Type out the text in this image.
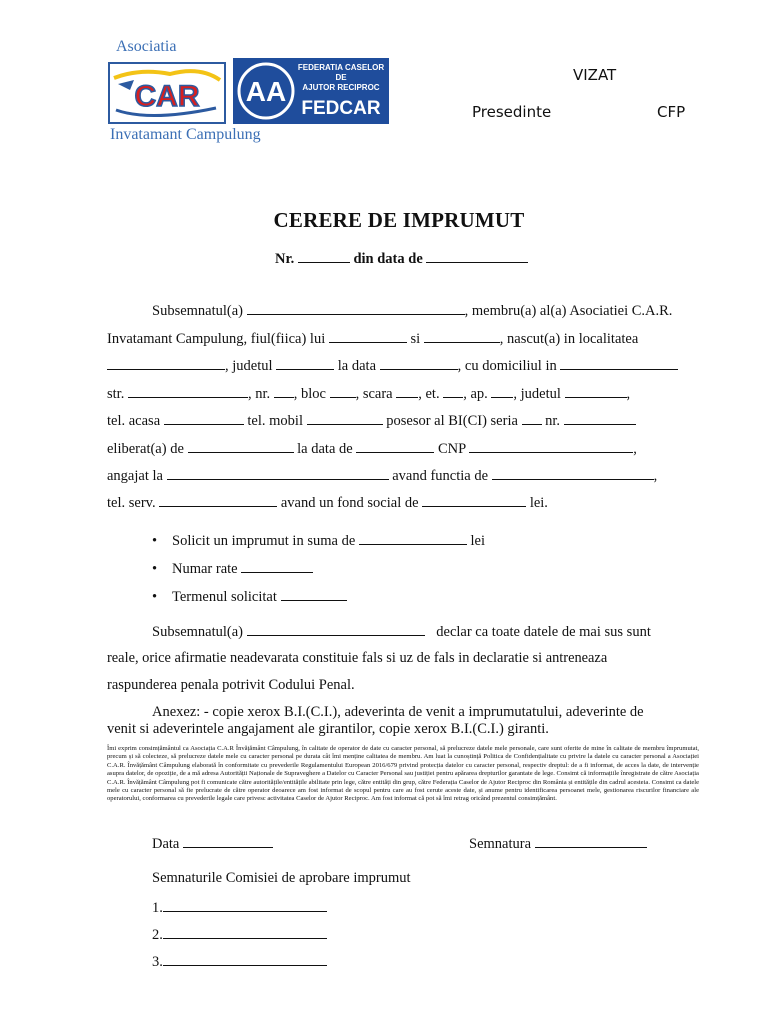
Asociatia
CAR AA
FEDERATIA CASELOR
DE
AJUTOR RECIPROC
FEDCAR
Invatamant Campulung
VIZAT
Presedinte	CFP
CERERE DE IMPRUMUT
Nr.	din data de
Subsemnatul(a)	, membru(a) al(a) Asociatiei C.A.R.
Invatamant Campulung, fiul(fiica) lui	si	, nascut(a) in localitatea
, judetul	la data	, cu domiciliul in
str.	, nr. , bloc , scara , et. , ap. , judetul	,
tel. acasa	tel. mobil	posesor al BI(CI) seria nr.
eliberat(a) de	la data de	CNP	,
angajat la	avand functia de	,
tel. serv.	avand un fond social de	lei.
• Solicit un imprumut in suma de	lei
• Numar rate
• Termenul solicitat
Subsemnatul(a)	declar ca toate datele de mai sus sunt
reale, orice afirmatie neadevarata constituie fals si uz de fals in declaratie si antreneaza
raspunderea penala potrivit Codului Penal.
Anexez: - copie xerox B.I.(C.I.), adeverinta de venit a imprumutatului, adeverinte de
venit si adeverintele angajament ale girantilor, copie xerox B.I.(C.I.) giranti.
Îmi exprim consimțământul ca Asociația C.A.R Învățământ Câmpulung, în calitate de operator de date cu caracter personal, să prelucreze datele mele personale, care sunt oferite de mine în calitate de membru împrumutat, precum și să colecteze, să prelucreze datele mele cu caracter personal pe durata cât îmi menține calitatea de membru. Am luat la cunoștință Politica de Confidențialitate cu privire la datele cu caracter personal a Asociației C.A.R. Învățământ Câmpulung elaborată în conformitate cu prevederile Regulamentului European 2016/679 privind protecția datelor cu caracter personal, respectiv dreptul: de a fi informat, de acces la date, de intervenție asupra datelor, de opoziție, de a mă adresa Autorității Naționale de Supraveghere a Datelor cu Caracter Personal sau justiției pentru apărarea drepturilor garantate de lege. Consimt că informațiile înregistrate de către Asociația C.A.R. Învățământ Câmpulung pot fi comunicate către autoritățile/entitățile abilitate prin lege, către entități din grup, către Federația Caselor de Ajutor Reciproc din România și entitățile din cadrul acesteia. Consimt ca datele mele cu caracter personal să fie prelucrate de către operator deoarece am fost informat de scopul pentru care au fost cerute aceste date, și anume pentru identificarea persoanei mele, gestionarea riscurilor financiare ale operatorului, conformarea cu prevederile legale care privesc activitatea Caselor de Ajutor Reciproc. Am fost informat că pot să îmi retrag oricând prezentul consimțământ.
Data	Semnatura
Semnaturile Comisiei de aprobare imprumut
1.
2.
3.
